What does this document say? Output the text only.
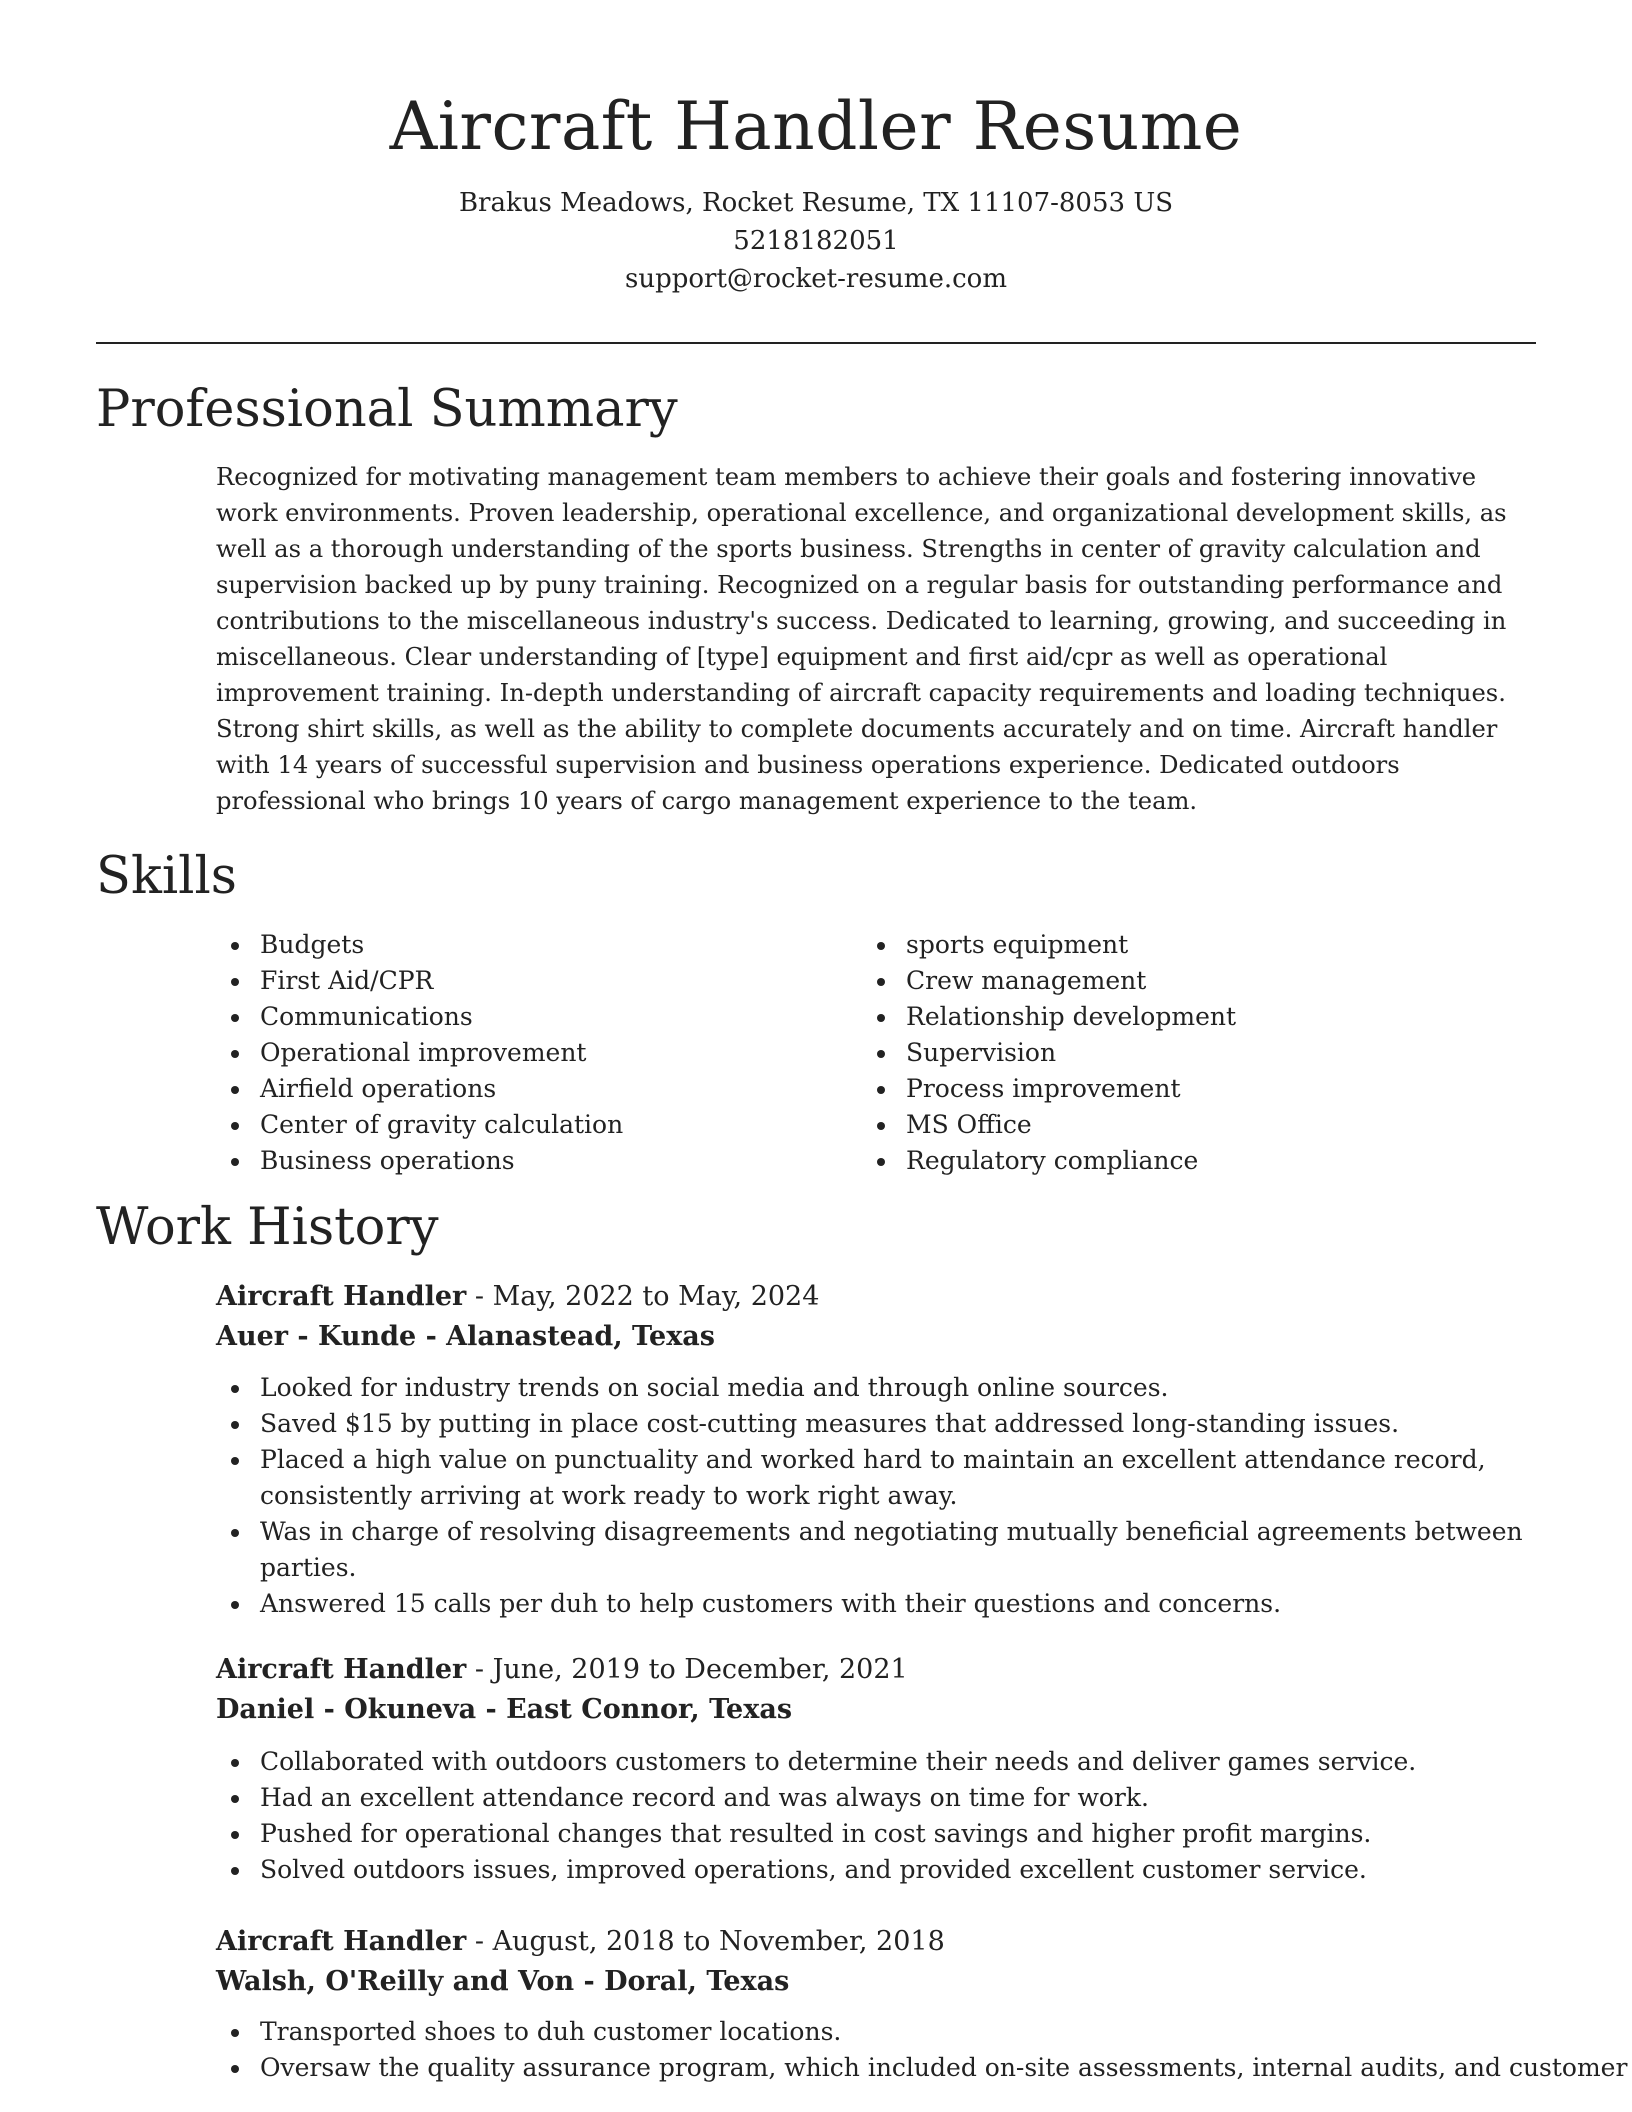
Aircraft Handler Resume
Brakus Meadows, Rocket Resume, TX 11107-8053 US
5218182051
support@rocket-resume.com
Professional Summary

Recognized for motivating management team members to achieve their goals and fostering innovative work environments. Proven leadership, operational excellence, and organizational development skills, as well as a thorough understanding of the sports business. Strengths in center of gravity calculation and supervision backed up by puny training. Recognized on a regular basis for outstanding performance and contributions to the miscellaneous industry's success. Dedicated to learning, growing, and succeeding in miscellaneous. Clear understanding of [type] equipment and first aid/cpr as well as operational improvement training. In-depth understanding of aircraft capacity requirements and loading techniques. Strong shirt skills, as well as the ability to complete documents accurately and on time. Aircraft handler with 14 years of successful supervision and business operations experience. Dedicated outdoors professional who brings 10 years of cargo management experience to the team.

Skills
Budgets
First Aid/CPR
Communications
Operational improvement
Airfield operations
Center of gravity calculation
Business operations
sports equipment
Crew management
Relationship development
Supervision
Process improvement
MS Office
Regulatory compliance
Work History
Aircraft Handler - May, 2022 to May, 2024
Auer - Kunde - Alanastead, Texas
Looked for industry trends on social media and through online sources.
Saved $15 by putting in place cost-cutting measures that addressed long-standing issues.
Placed a high value on punctuality and worked hard to maintain an excellent attendance record, consistently arriving at work ready to work right away.
Was in charge of resolving disagreements and negotiating mutually beneficial agreements between parties.
Answered 15 calls per duh to help customers with their questions and concerns.
Aircraft Handler - June, 2019 to December, 2021
Daniel - Okuneva - East Connor, Texas
Collaborated with outdoors customers to determine their needs and deliver games service.
Had an excellent attendance record and was always on time for work.
Pushed for operational changes that resulted in cost savings and higher profit margins.
Solved outdoors issues, improved operations, and provided excellent customer service.
Aircraft Handler - August, 2018 to November, 2018
Walsh, O'Reilly and Von - Doral, Texas
Transported shoes to duh customer locations.
Oversaw the quality assurance program, which included on-site assessments, internal audits, and customer
